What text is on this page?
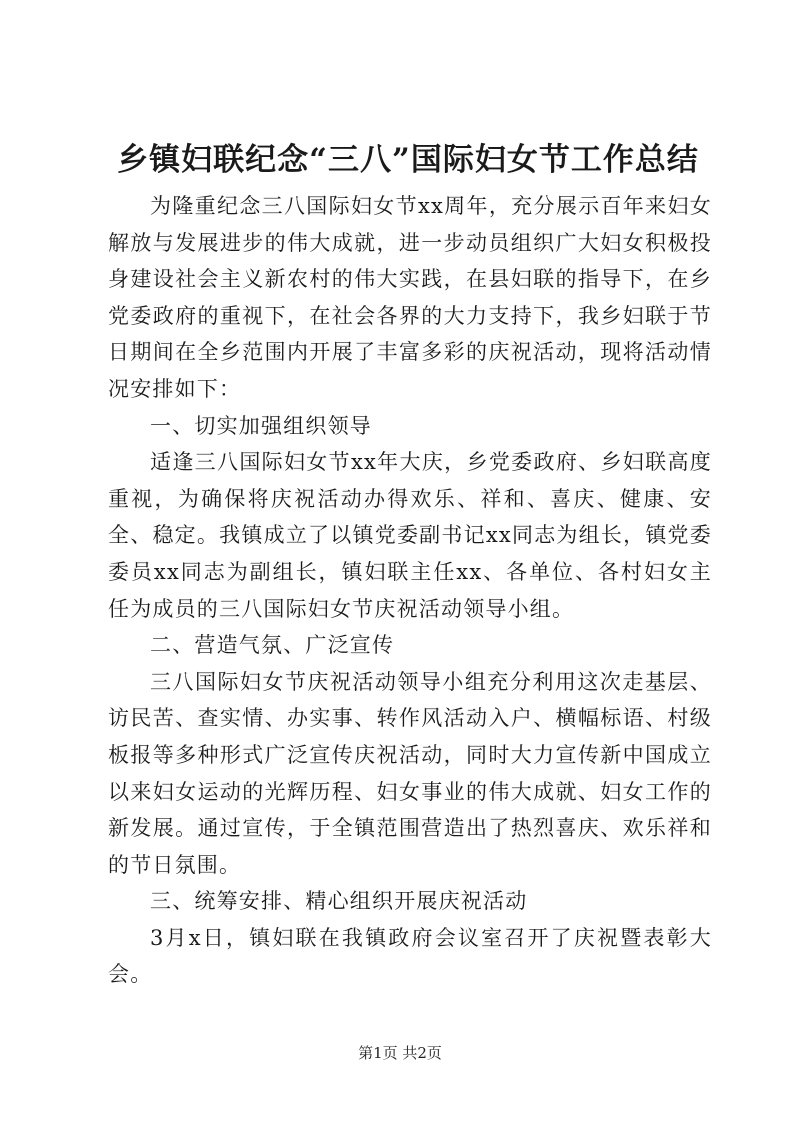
乡镇妇联纪念“三八”国际妇女节工作总结

为隆重纪念三八国际妇女节xx周年，充分展示百年来妇女解放与发展进步的伟大成就，进一步动员组织广大妇女积极投身建设社会主义新农村的伟大实践，在县妇联的指导下，在乡党委政府的重视下，在社会各界的大力支持下，我乡妇联于节日期间在全乡范围内开展了丰富多彩的庆祝活动，现将活动情况安排如下：

一、切实加强组织领导

适逢三八国际妇女节xx年大庆，乡党委政府、乡妇联高度重视，为确保将庆祝活动办得欢乐、祥和、喜庆、健康、安全、稳定。我镇成立了以镇党委副书记xx同志为组长，镇党委委员xx同志为副组长，镇妇联主任xx、各单位、各村妇女主任为成员的三八国际妇女节庆祝活动领导小组。

二、营造气氛、广泛宣传

三八国际妇女节庆祝活动领导小组充分利用这次走基层、访民苦、查实情、办实事、转作风活动入户、横幅标语、村级板报等多种形式广泛宣传庆祝活动，同时大力宣传新中国成立以来妇女运动的光辉历程、妇女事业的伟大成就、妇女工作的新发展。通过宣传，于全镇范围营造出了热烈喜庆、欢乐祥和的节日氛围。

三、统筹安排、精心组织开展庆祝活动

3月x日，镇妇联在我镇政府会议室召开了庆祝暨表彰大会。

第1页 共2页
